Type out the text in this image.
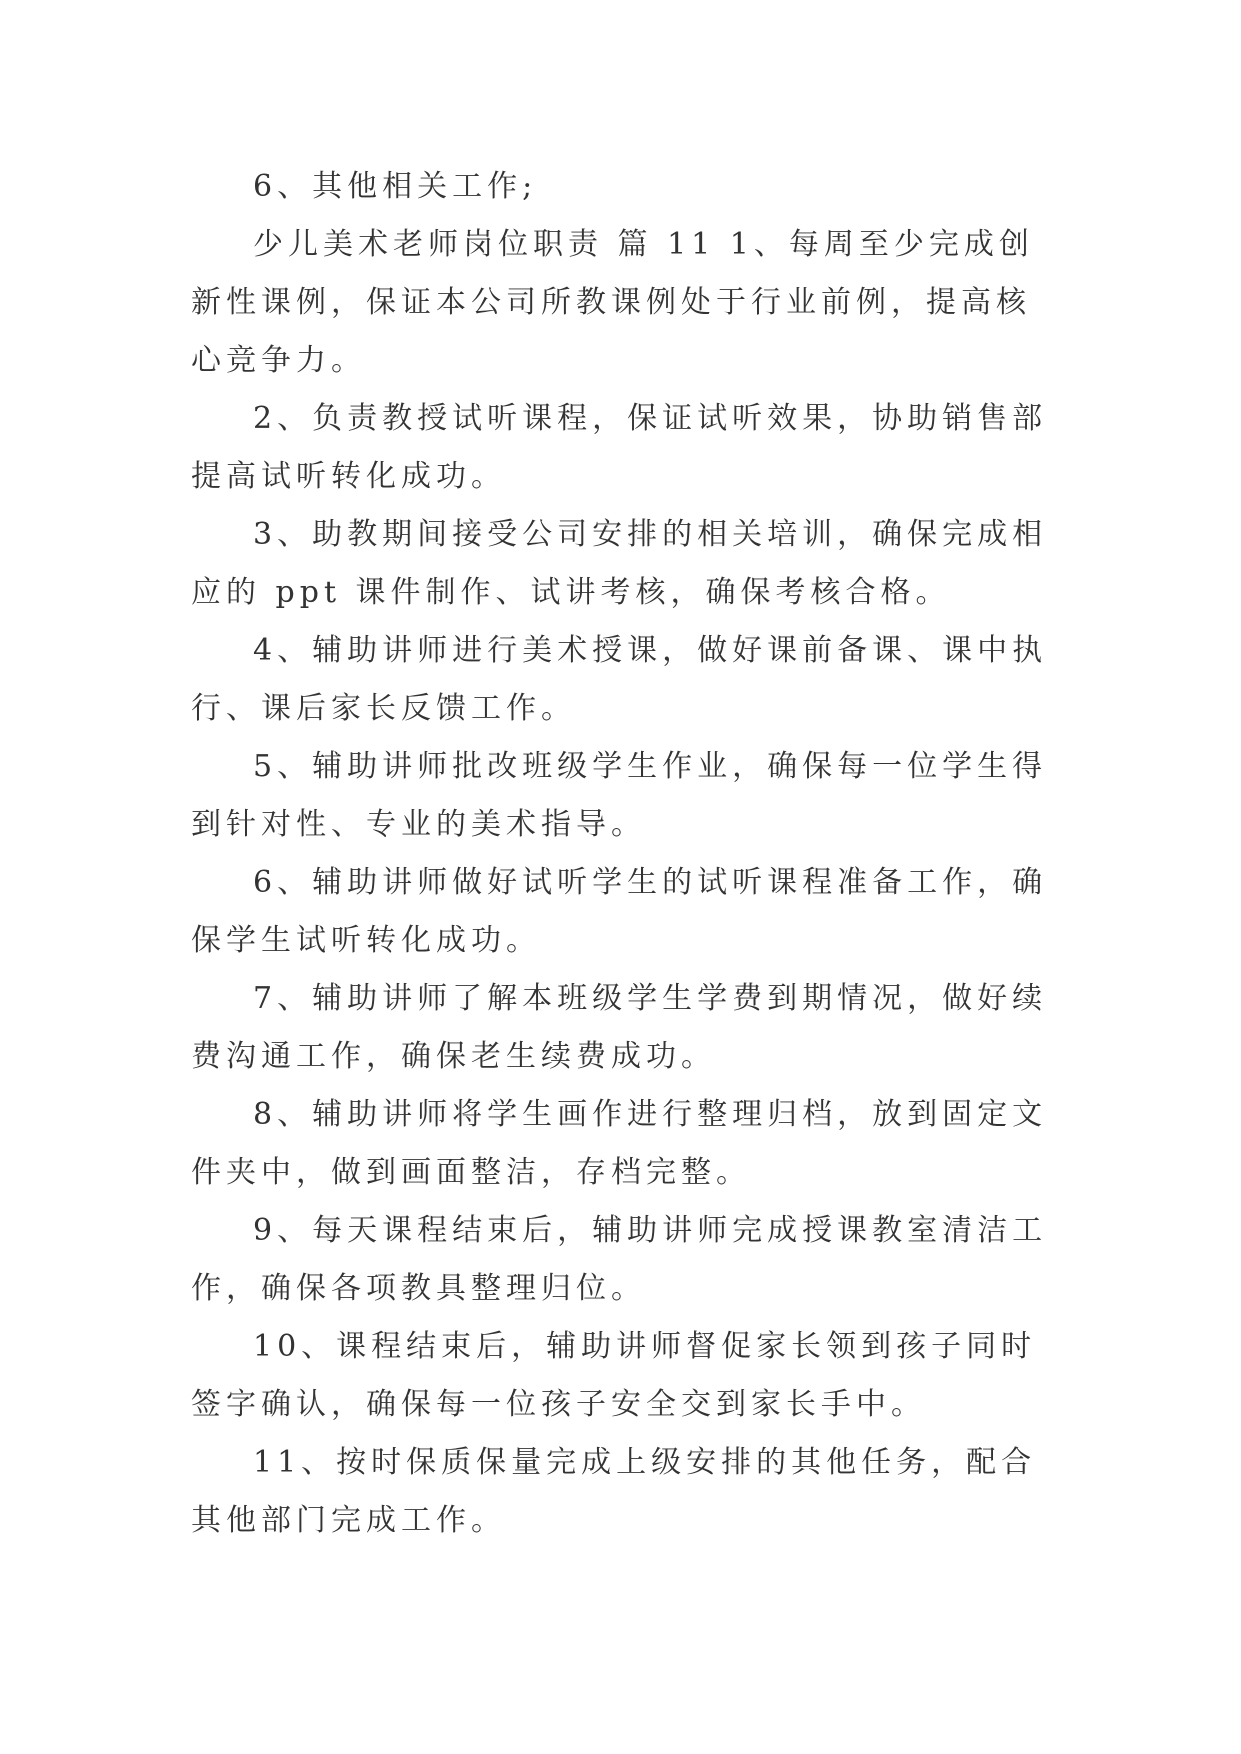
6、其他相关工作;

少儿美术老师岗位职责 篇 11 1、每周至少完成创新性课例，保证本公司所教课例处于行业前例，提高核心竞争力。

2、负责教授试听课程，保证试听效果，协助销售部提高试听转化成功。

3、助教期间接受公司安排的相关培训，确保完成相应的 ppt 课件制作、试讲考核，确保考核合格。

4、辅助讲师进行美术授课，做好课前备课、课中执行、课后家长反馈工作。

5、辅助讲师批改班级学生作业，确保每一位学生得到针对性、专业的美术指导。

6、辅助讲师做好试听学生的试听课程准备工作，确保学生试听转化成功。

7、辅助讲师了解本班级学生学费到期情况，做好续费沟通工作，确保老生续费成功。

8、辅助讲师将学生画作进行整理归档，放到固定文件夹中，做到画面整洁，存档完整。

9、每天课程结束后，辅助讲师完成授课教室清洁工作，确保各项教具整理归位。

10、课程结束后，辅助讲师督促家长领到孩子同时签字确认，确保每一位孩子安全交到家长手中。

11、按时保质保量完成上级安排的其他任务，配合其他部门完成工作。
